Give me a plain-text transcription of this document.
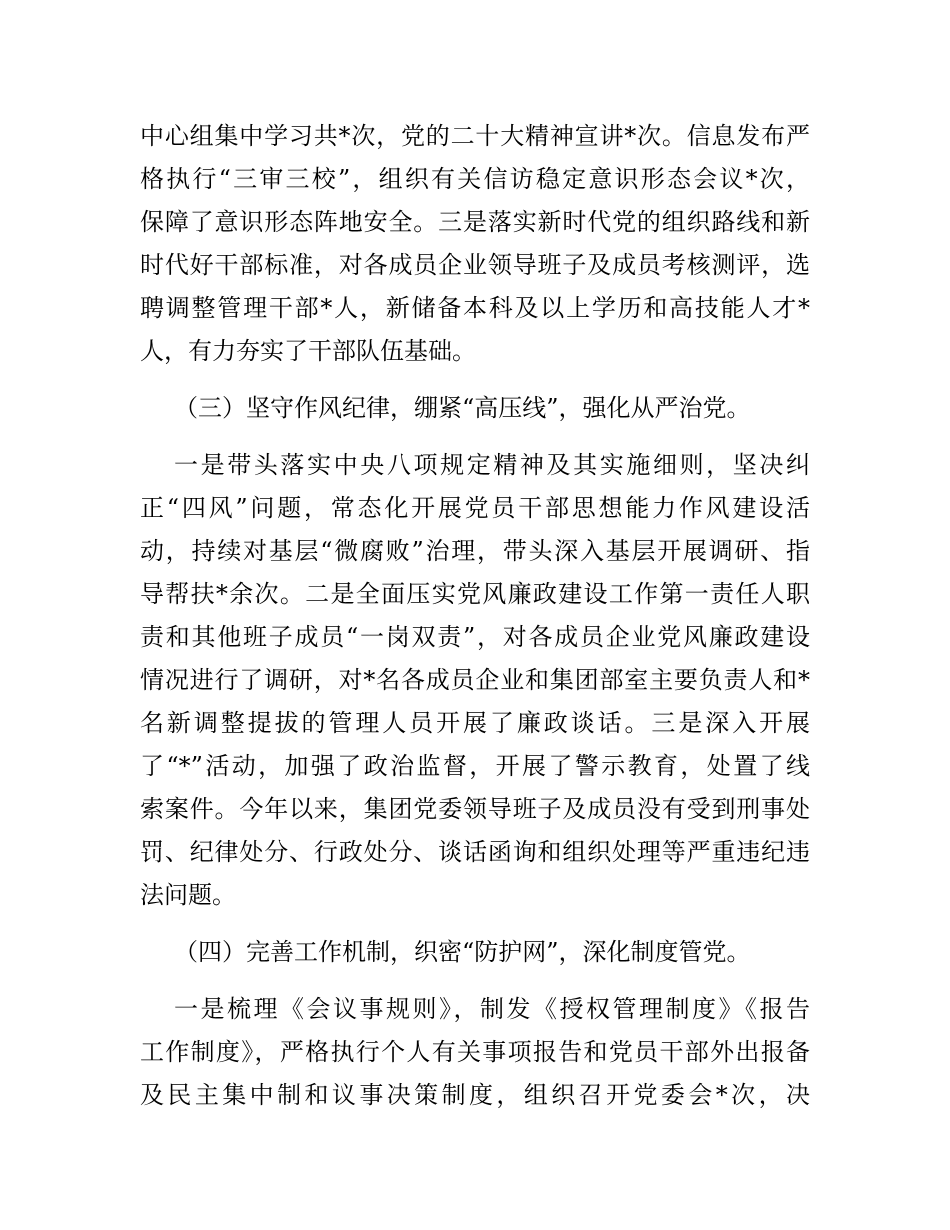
中心组集中学习共*次，党的二十大精神宣讲*次。信息发布严
格执行“三审三校”，组织有关信访稳定意识形态会议*次，
保障了意识形态阵地安全。三是落实新时代党的组织路线和新
时代好干部标准，对各成员企业领导班子及成员考核测评，选
聘调整管理干部*人，新储备本科及以上学历和高技能人才*
人，有力夯实了干部队伍基础。
（三）坚守作风纪律，绷紧“高压线”，强化从严治党。
一是带头落实中央八项规定精神及其实施细则，坚决纠
正“四风”问题，常态化开展党员干部思想能力作风建设活
动，持续对基层“微腐败”治理，带头深入基层开展调研、指
导帮扶*余次。二是全面压实党风廉政建设工作第一责任人职
责和其他班子成员“一岗双责”，对各成员企业党风廉政建设
情况进行了调研，对*名各成员企业和集团部室主要负责人和*
名新调整提拔的管理人员开展了廉政谈话。三是深入开展
了“*”活动，加强了政治监督，开展了警示教育，处置了线
索案件。今年以来，集团党委领导班子及成员没有受到刑事处
罚、纪律处分、行政处分、谈话函询和组织处理等严重违纪违
法问题。
（四）完善工作机制，织密“防护网”，深化制度管党。
一是梳理《会议事规则》，制发《授权管理制度》《报告
工作制度》，严格执行个人有关事项报告和党员干部外出报备
及民主集中制和议事决策制度，组织召开党委会*次，决
